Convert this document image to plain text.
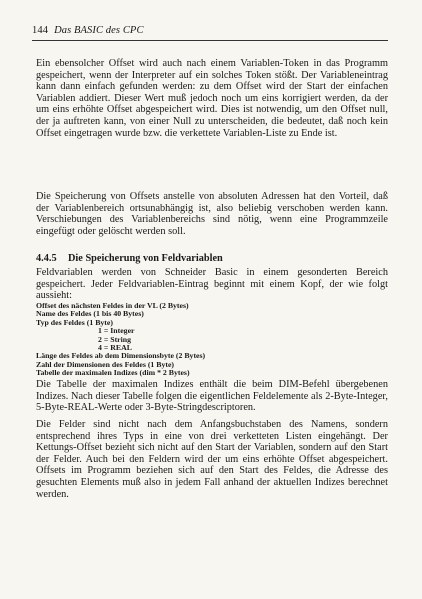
144 Das BASIC des CPC
Ein ebensolcher Offset wird auch nach einem Variablen-Token in das Programm gespeichert, wenn der Interpreter auf ein solches Token stößt. Der Variableneintrag kann dann einfach gefunden werden: zu dem Offset wird der Start der einfachen Variablen addiert. Dieser Wert muß jedoch noch um eins korrigiert werden, da der um eins erhöhte Offset abgespeichert wird. Dies ist notwendig, um den Offset null, der ja auftreten kann, von einer Null zu unterscheiden, die bedeutet, daß noch kein Offset eingetragen wurde bzw. die verkettete Variablen-Liste zu Ende ist.
Die Speicherung von Offsets anstelle von absoluten Adressen hat den Vorteil, daß der Variablenbereich ortsunabhängig ist, also beliebig verschoben werden kann. Verschiebungen des Variablenbereichs sind nötig, wenn eine Programmzeile eingefügt oder gelöscht werden soll.
4.4.5 Die Speicherung von Feldvariablen
Feldvariablen werden von Schneider Basic in einem gesonderten Bereich gespeichert. Jeder Feldvariablen-Eintrag beginnt mit einem Kopf, der wie folgt aussieht:
Offset des nächsten Feldes in der VL (2 Bytes)
Name des Feldes (1 bis 40 Bytes)
Typ des Feldes (1 Byte)
1 = Integer
2 = String
4 = REAL
Länge des Feldes ab dem Dimensionsbyte (2 Bytes)
Zahl der Dimensionen des Feldes (1 Byte)
Tabelle der maximalen Indizes (dim * 2 Bytes)
Die Tabelle der maximalen Indizes enthält die beim DIM-Befehl übergebenen Indizes. Nach dieser Tabelle folgen die eigentlichen Feldelemente als 2-Byte-Integer, 5-Byte-REAL-Werte oder 3-Byte-Stringdescriptoren.
Die Felder sind nicht nach dem Anfangsbuchstaben des Namens, sondern entsprechend ihres Typs in eine von drei verketteten Listen eingehängt. Der Kettungs-Offset bezieht sich nicht auf den Start der Variablen, sondern auf den Start der Felder. Auch bei den Feldern wird der um eins erhöhte Offset abgespeichert. Offsets im Programm beziehen sich auf den Start des Feldes, die Adresse des gesuchten Elements muß also in jedem Fall anhand der aktuellen Indizes berechnet werden.
